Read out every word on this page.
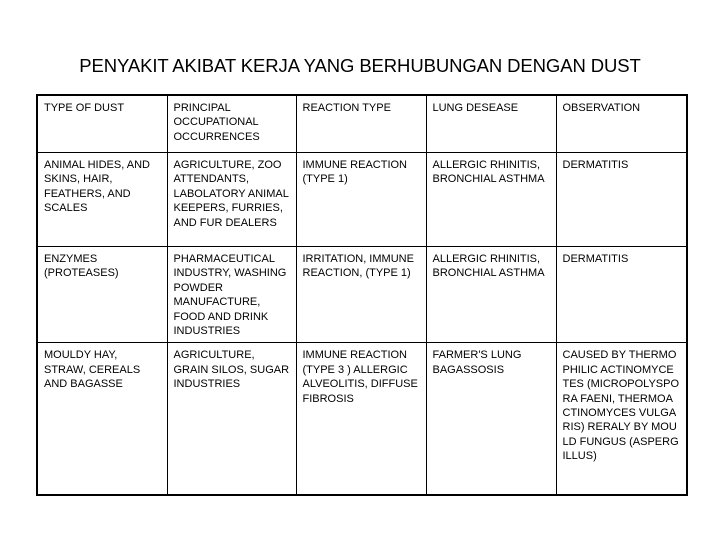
PENYAKIT AKIBAT KERJA YANG BERHUBUNGAN DENGAN DUST
TYPE OF DUST	PRINCIPAL OCCUPATIONAL OCCURRENCES	REACTION TYPE	LUNG DESEASE	OBSERVATION
ANIMAL HIDES, AND SKINS, HAIR, FEATHERS, AND SCALES	AGRICULTURE, ZOO ATTENDANTS, LABOLATORY ANIMAL KEEPERS, FURRIES, AND FUR DEALERS	IMMUNE REACTION (TYPE 1)	ALLERGIC RHINITIS, BRONCHIAL ASTHMA	DERMATITIS
ENZYMES (PROTEASES)	PHARMACEUTICAL INDUSTRY, WASHING POWDER MANUFACTURE, FOOD AND DRINK INDUSTRIES	IRRITATION, IMMUNE REACTION, (TYPE 1)	ALLERGIC RHINITIS, BRONCHIAL ASTHMA	DERMATITIS
MOULDY HAY, STRAW, CEREALS AND BAGASSE	AGRICULTURE, GRAIN SILOS, SUGAR INDUSTRIES	IMMUNE REACTION (TYPE 3 ) ALLERGIC ALVEOLITIS, DIFFUSE FIBROSIS	FARMER'S LUNG BAGASSOSIS	CAUSED BY THERMOPHILIC ACTINOMYCETES (MICROPOLYSPORA FAENI, THERMOACTINOMYCES VULGARIS) RERALY BY MOULD FUNGUS (ASPERGILLUS)
